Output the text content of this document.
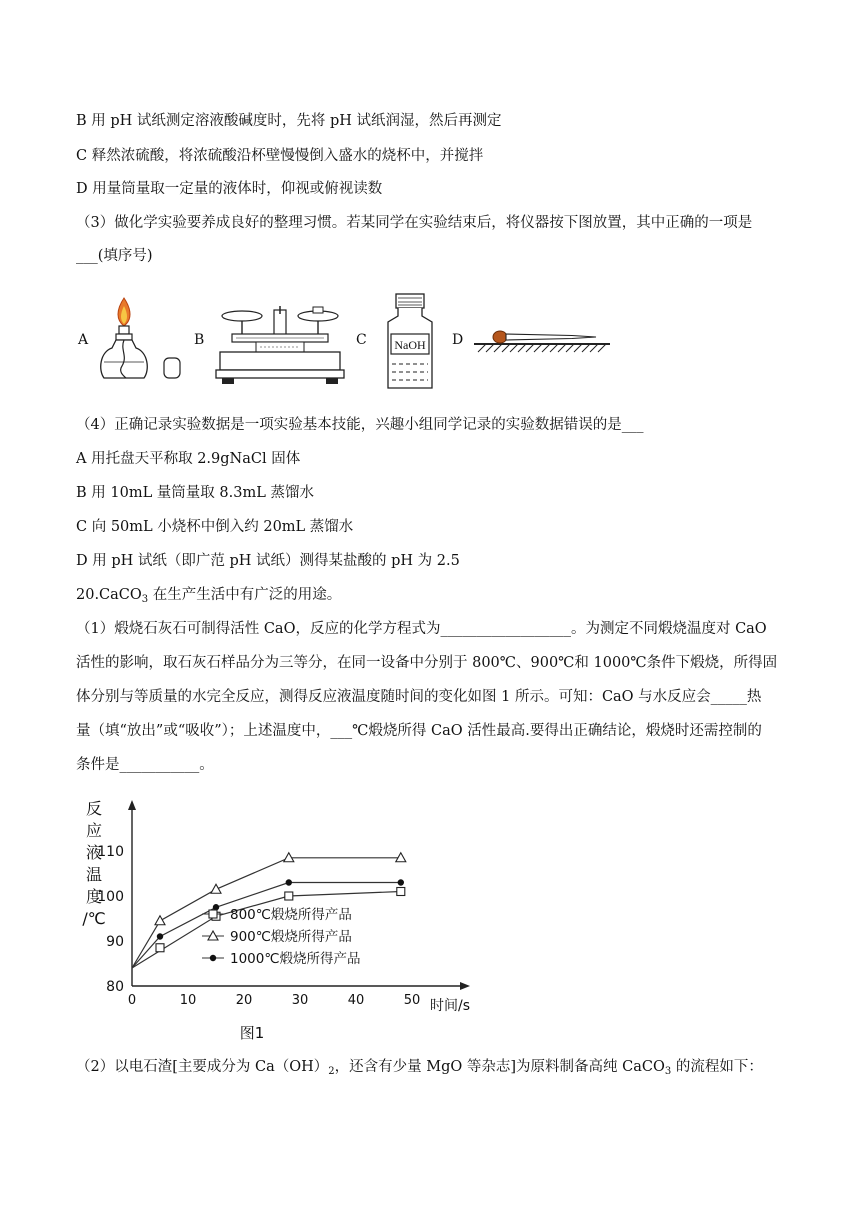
B 用 pH 试纸测定溶液酸碱度时，先将 pH 试纸润湿，然后再测定
C 释然浓硫酸，将浓硫酸沿杯壁慢慢倒入盛水的烧杯中，并搅拌
D 用量筒量取一定量的液体时，仰视或俯视读数
（3）做化学实验要养成良好的整理习惯。若某同学在实验结束后，将仪器按下图放置，其中正确的一项是
___(填序号)
A	B	C NaOH D
（4）正确记录实验数据是一项实验基本技能，兴趣小组同学记录的实验数据错误的是___
A 用托盘天平称取 2.9gNaCl 固体
B 用 10mL 量筒量取 8.3mL 蒸馏水
C 向 50mL 小烧杯中倒入约 20mL 蒸馏水
D 用 pH 试纸（即广范 pH 试纸）测得某盐酸的 pH 为 2.5
20.CaCO$_3$ 在生产生活中有广泛的用途。
（1）煅烧石灰石可制得活性 CaO，反应的化学方程式为__________________。为测定不同煅烧温度对 CaO
活性的影响，取石灰石样品分为三等分，在同一设备中分别于 800℃、900℃和 1000℃条件下煅烧，所得固
体分别与等质量的水完全反应，测得反应液温度随时间的变化如图 1 所示。可知：CaO 与水反应会_____热
量（填“放出”或“吸收”）；上述温度中，___℃煅烧所得 CaO 活性最高.要得出正确结论，煅烧时还需控制的
条件是___________。
80
90
100
110
0	10	20	30	40	50
反
应
液
温
度
/℃
时间/s
800℃煅烧所得产品
900℃煅烧所得产品
1000℃煅烧所得产品
图1
（2）以电石渣[主要成分为 $Ca(OH)_2$，还含有少量 MgO 等杂志]为原料制备高纯 CaCO$_3$ 的流程如下：
